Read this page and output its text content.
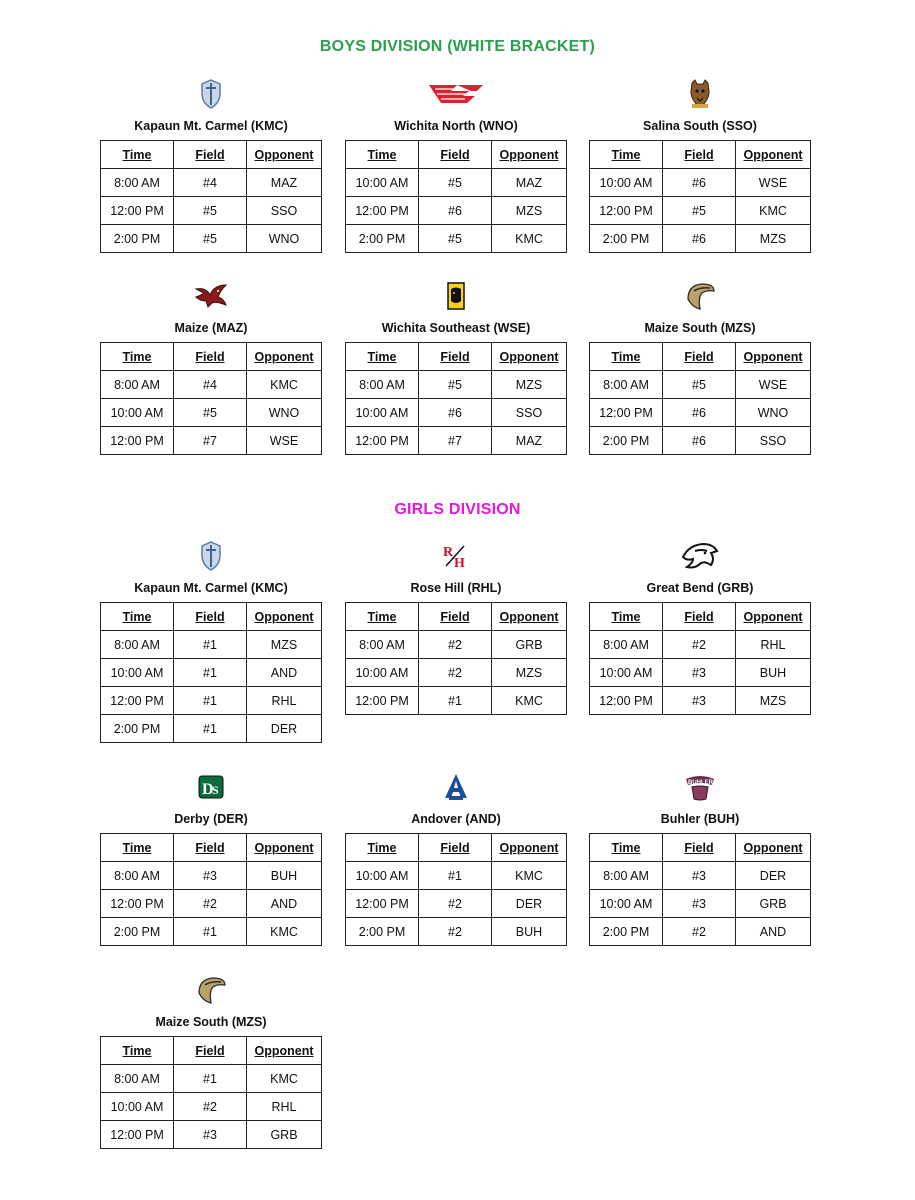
BOYS DIVISION (WHITE BRACKET)
GIRLS DIVISION
Kapaun Mt. Carmel (KMC)
Time	Field	Opponent
8:00 AM	#4	MAZ
12:00 PM	#5	SSO
2:00 PM	#5	WNO
Wichita North (WNO)
Time	Field	Opponent
10:00 AM	#5	MAZ
12:00 PM	#6	MZS
2:00 PM	#5	KMC
Salina South (SSO)
Time	Field	Opponent
10:00 AM	#6	WSE
12:00 PM	#5	KMC
2:00 PM	#6	MZS
Maize (MAZ)
Time	Field	Opponent
8:00 AM	#4	KMC
10:00 AM	#5	WNO
12:00 PM	#7	WSE
Wichita Southeast (WSE)
Time	Field	Opponent
8:00 AM	#5	MZS
10:00 AM	#6	SSO
12:00 PM	#7	MAZ
Maize South (MZS)
Time	Field	Opponent
8:00 AM	#5	WSE
12:00 PM	#6	WNO
2:00 PM	#6	SSO
Kapaun Mt. Carmel (KMC)
Time	Field	Opponent
8:00 AM	#1	MZS
10:00 AM	#1	AND
12:00 PM	#1	RHL
2:00 PM	#1	DER
R
H
Rose Hill (RHL)
Time	Field	Opponent
8:00 AM	#2	GRB
10:00 AM	#2	MZS
12:00 PM	#1	KMC
Great Bend (GRB)
Time	Field	Opponent
8:00 AM	#2	RHL
10:00 AM	#3	BUH
12:00 PM	#3	MZS
D
S
Derby (DER)
Time	Field	Opponent
8:00 AM	#3	BUH
12:00 PM	#2	AND
2:00 PM	#1	KMC
Andover (AND)
Time	Field	Opponent
10:00 AM	#1	KMC
12:00 PM	#2	DER
2:00 PM	#2	BUH
BUHLER
Buhler (BUH)
Time	Field	Opponent
8:00 AM	#3	DER
10:00 AM	#3	GRB
2:00 PM	#2	AND
Maize South (MZS)
Time	Field	Opponent
8:00 AM	#1	KMC
10:00 AM	#2	RHL
12:00 PM	#3	GRB
